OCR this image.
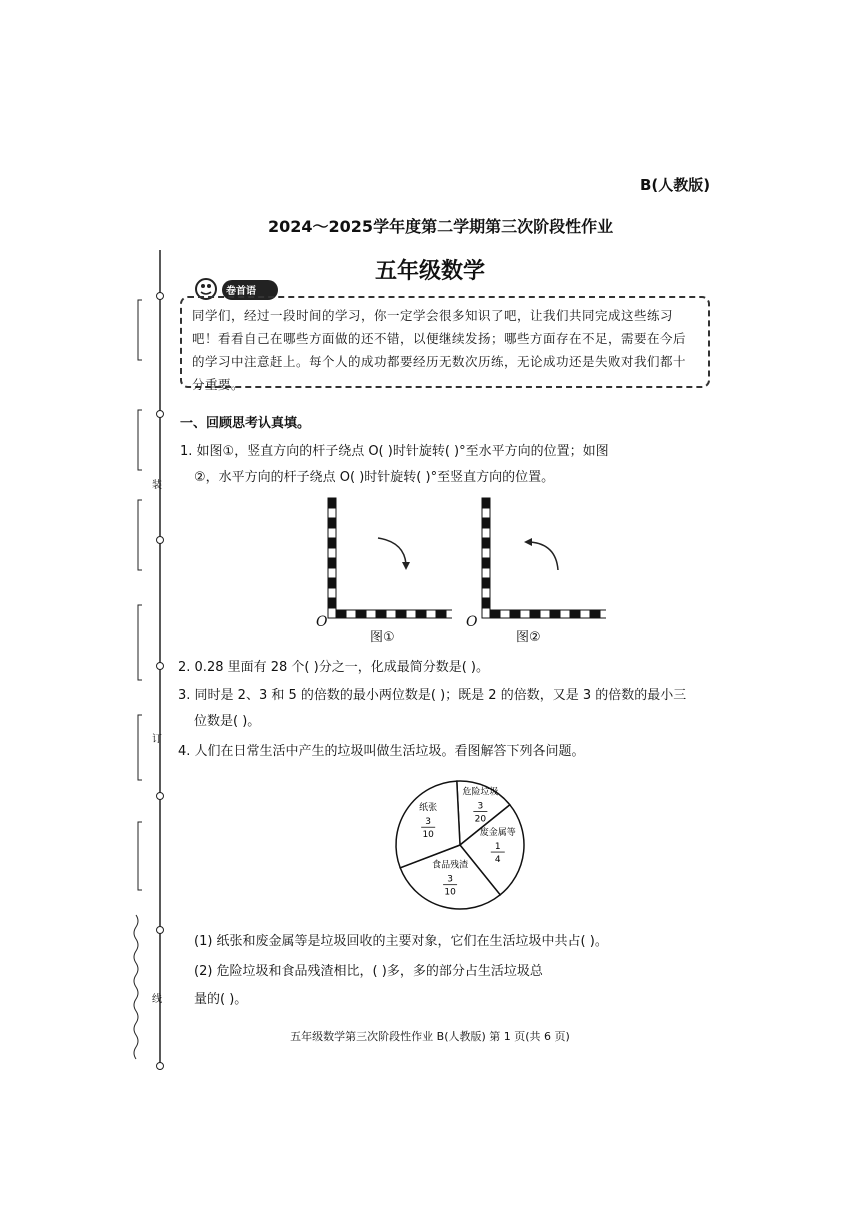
装
订
线
B(人教版)
2024～2025学年度第二学期第三次阶段性作业
五年级数学
卷首语
同学们，经过一段时间的学习，你一定学会很多知识了吧，让我们共同完成这些练习吧！看看自己在哪些方面做的还不错，以便继续发扬；哪些方面存在不足，需要在今后的学习中注意赶上。每个人的成功都要经历无数次历练，无论成功还是失败对我们都十分重要。
一、回顾思考认真填。
1. 如图①，竖直方向的杆子绕点 O( )时针旋转( )°至水平方向的位置；如图
②，水平方向的杆子绕点 O( )时针旋转( )°至竖直方向的位置。
O
图①
O
图②
2. 0.28 里面有 28 个( )分之一，化成最简分数是( )。
3. 同时是 2、3 和 5 的倍数的最小两位数是( )；既是 2 的倍数，又是 3 的倍数的最小三
位数是( )。
4. 人们在日常生活中产生的垃圾叫做生活垃圾。看图解答下列各问题。
危险垃圾
3
20
废金属等
1
4
食品残渣
3
10
纸张
3
10
(1) 纸张和废金属等是垃圾回收的主要对象，它们在生活垃圾中共占( )。
(2) 危险垃圾和食品残渣相比，( )多，多的部分占生活垃圾总
量的( )。
五年级数学第三次阶段性作业 B(人教版) 第 1 页(共 6 页)
